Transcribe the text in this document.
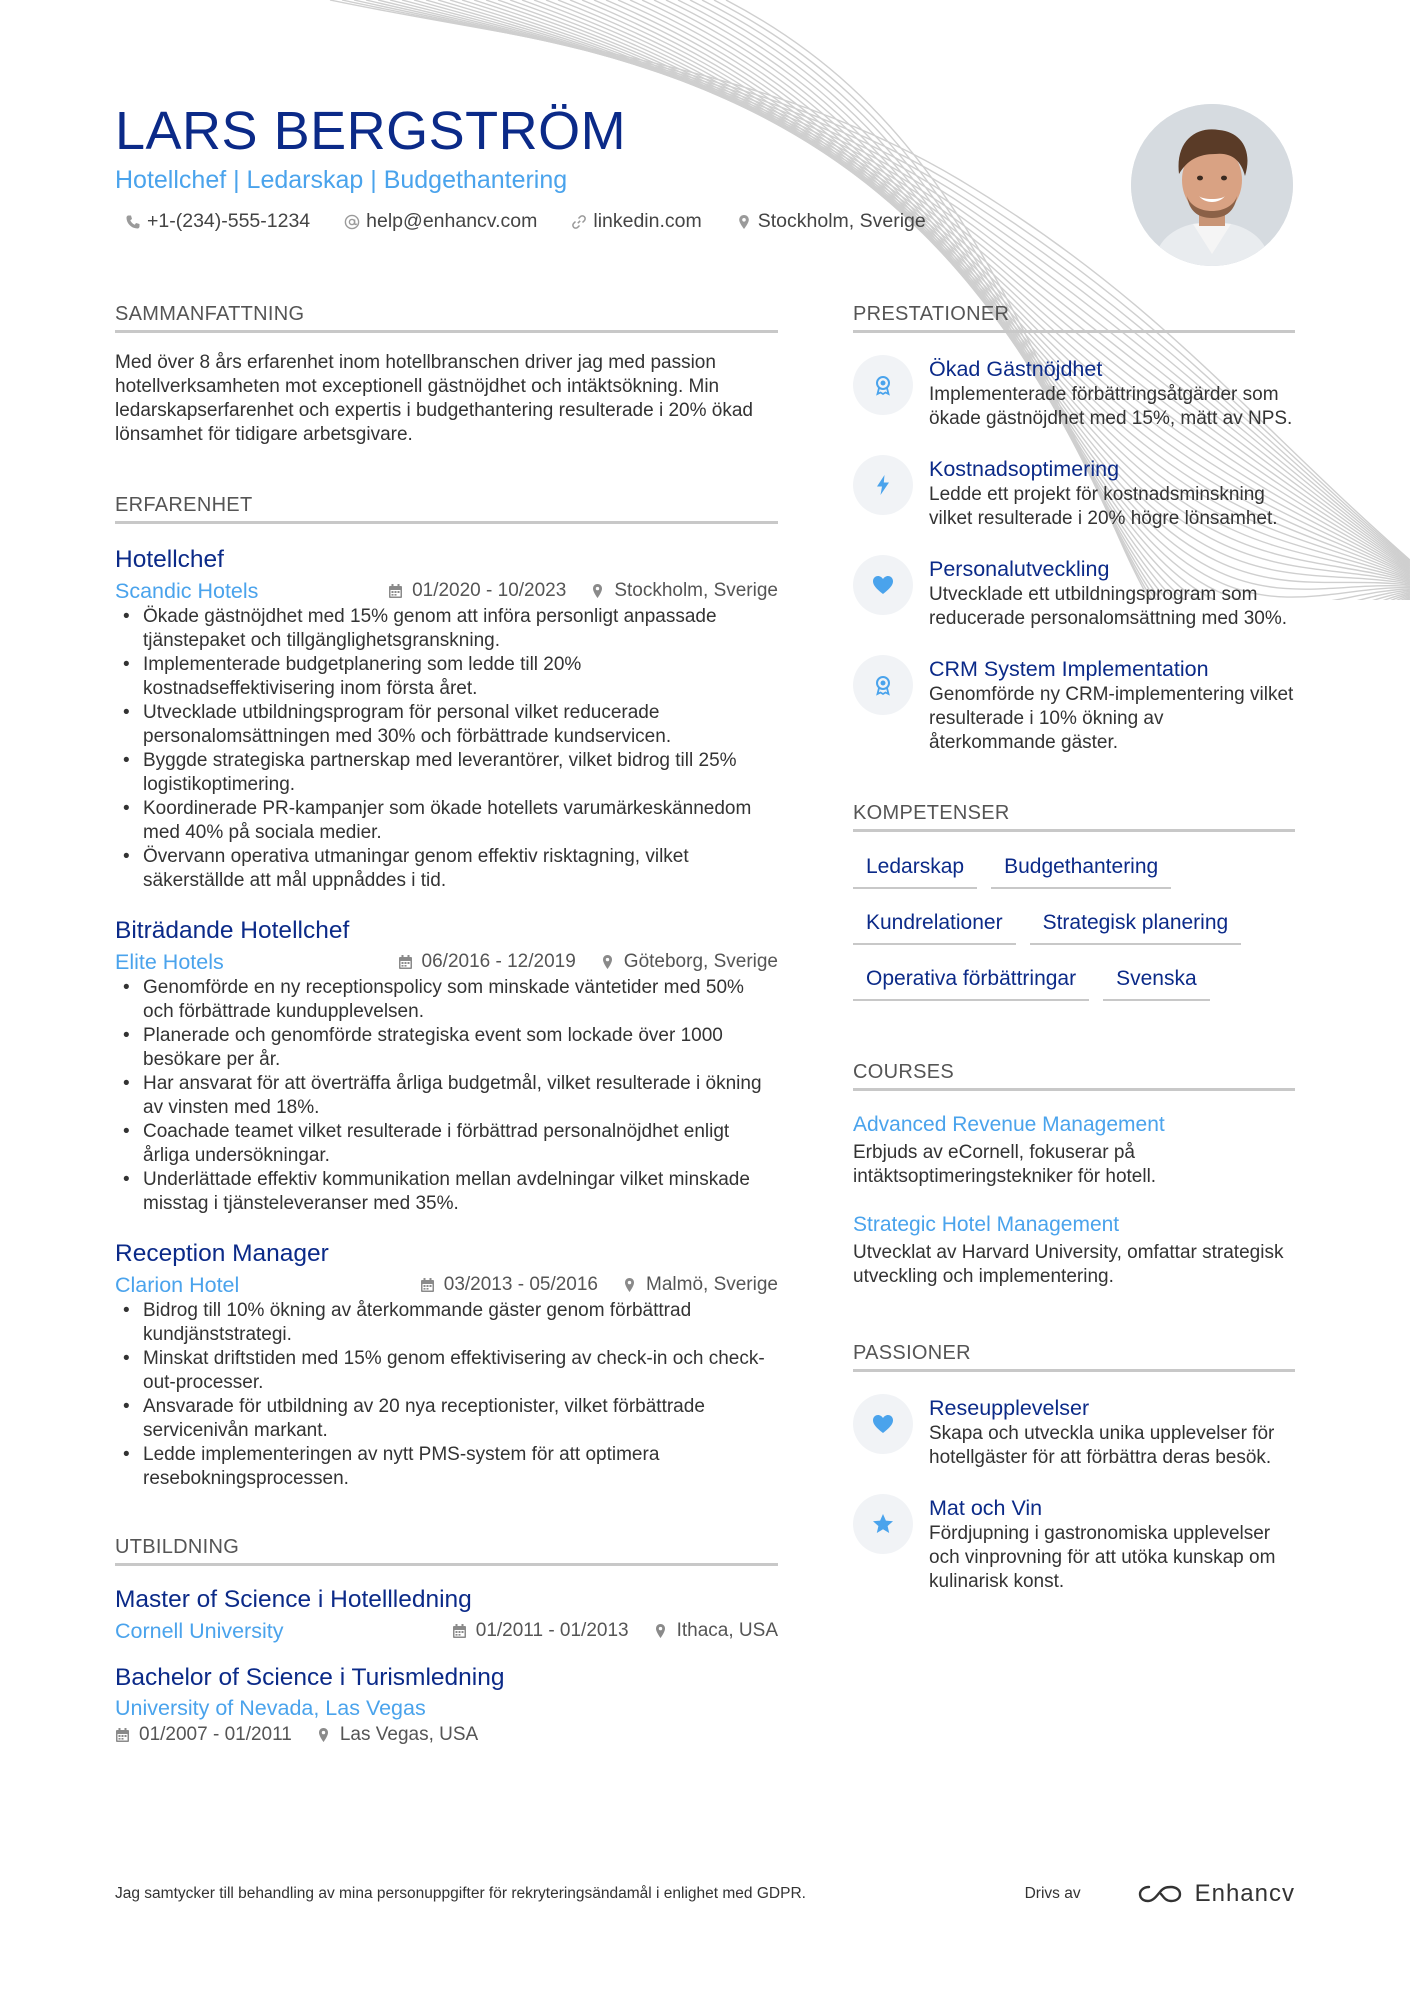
LARS BERGSTRÖM
Hotellchef | Ledarskap | Budgethantering
+1-(234)-555-1234	help@enhancv.com	linkedin.com	Stockholm, Sverige
SAMMANFATTNING
Med över 8 års erfarenhet inom hotellbranschen driver jag med passion hotellverksamheten mot exceptionell gästnöjdhet och intäktsökning. Min ledarskapserfarenhet och expertis i budgethantering resulterade i 20% ökad lönsamhet för tidigare arbetsgivare.
ERFARENHET
Hotellchef
Scandic Hotels	01/2020 - 10/2023	Stockholm, Sverige
• Ökade gästnöjdhet med 15% genom att införa personligt anpassade tjänstepaket och tillgänglighetsgranskning.
• Implementerade budgetplanering som ledde till 20% kostnadseffektivisering inom första året.
• Utvecklade utbildningsprogram för personal vilket reducerade personalomsättningen med 30% och förbättrade kundservicen.
• Byggde strategiska partnerskap med leverantörer, vilket bidrog till 25% logistikoptimering.
• Koordinerade PR-kampanjer som ökade hotellets varumärkeskännedom med 40% på sociala medier.
• Övervann operativa utmaningar genom effektiv risktagning, vilket säkerställde att mål uppnåddes i tid.
Biträdande Hotellchef
Elite Hotels	06/2016 - 12/2019	Göteborg, Sverige
• Genomförde en ny receptionspolicy som minskade väntetider med 50% och förbättrade kundupplevelsen.
• Planerade och genomförde strategiska event som lockade över 1000 besökare per år.
• Har ansvarat för att överträffa årliga budgetmål, vilket resulterade i ökning av vinsten med 18%.
• Coachade teamet vilket resulterade i förbättrad personalnöjdhet enligt årliga undersökningar.
• Underlättade effektiv kommunikation mellan avdelningar vilket minskade misstag i tjänsteleveranser med 35%.
Reception Manager
Clarion Hotel	03/2013 - 05/2016	Malmö, Sverige
• Bidrog till 10% ökning av återkommande gäster genom förbättrad kundjänststrategi.
• Minskat driftstiden med 15% genom effektivisering av check-in och check-out-processer.
• Ansvarade för utbildning av 20 nya receptionister, vilket förbättrade servicenivån markant.
• Ledde implementeringen av nytt PMS-system för att optimera resebokningsprocessen.
UTBILDNING
Master of Science i Hotellledning
Cornell University	01/2011 - 01/2013	Ithaca, USA
Bachelor of Science i Turismledning
University of Nevada, Las Vegas
01/2007 - 01/2011	Las Vegas, USA
PRESTATIONER
Ökad Gästnöjdhet
Implementerade förbättringsåtgärder som ökade gästnöjdhet med 15%, mätt av NPS.
Kostnadsoptimering
Ledde ett projekt för kostnadsminskning vilket resulterade i 20% högre lönsamhet.
Personalutveckling
Utvecklade ett utbildningsprogram som reducerade personalomsättning med 30%.
CRM System Implementation
Genomförde ny CRM-implementering vilket resulterade i 10% ökning av återkommande gäster.
KOMPETENSER
Ledarskap	Budgethantering
Kundrelationer	Strategisk planering
Operativa förbättringar	Svenska
COURSES
Advanced Revenue Management
Erbjuds av eCornell, fokuserar på intäktsoptimeringstekniker för hotell.
Strategic Hotel Management
Utvecklat av Harvard University, omfattar strategisk utveckling och implementering.
PASSIONER
Reseupplevelser
Skapa och utveckla unika upplevelser för hotellgäster för att förbättra deras besök.
Mat och Vin
Fördjupning i gastronomiska upplevelser och vinprovning för att utöka kunskap om kulinarisk konst.
Jag samtycker till behandling av mina personuppgifter för rekryteringsändamål i enlighet med GDPR.	Drivs av	Enhancv
